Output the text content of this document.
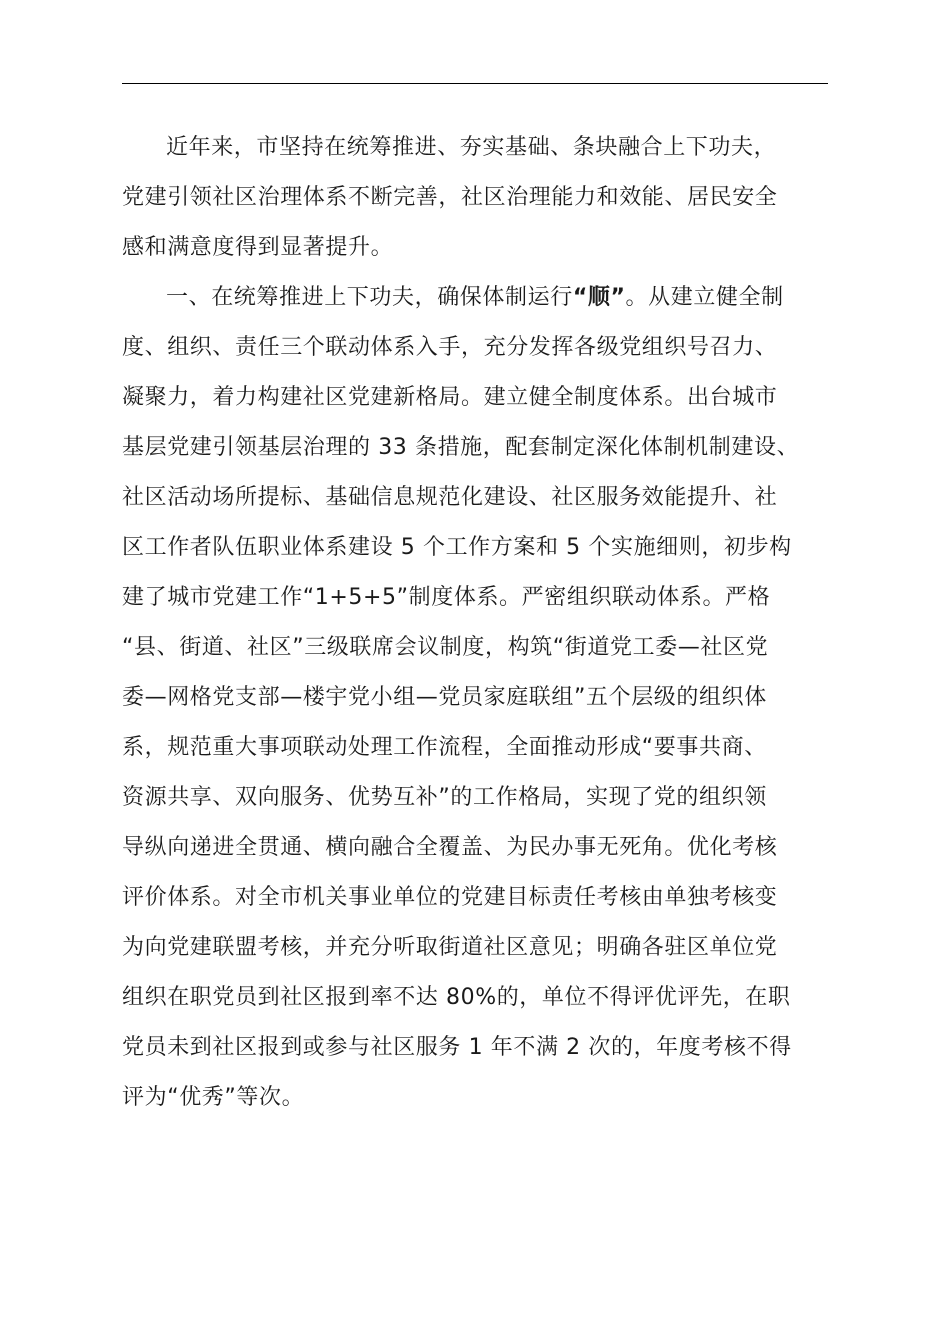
近年来，市坚持在统筹推进、夯实基础、条块融合上下功夫，
党建引领社区治理体系不断完善，社区治理能力和效能、居民安全
感和满意度得到显著提升。
一、在统筹推进上下功夫，确保体制运行“顺”。从建立健全制
度、组织、责任三个联动体系入手，充分发挥各级党组织号召力、
凝聚力，着力构建社区党建新格局。建立健全制度体系。出台城市
基层党建引领基层治理的 33 条措施，配套制定深化体制机制建设、
社区活动场所提标、基础信息规范化建设、社区服务效能提升、社
区工作者队伍职业体系建设 5 个工作方案和 5 个实施细则，初步构
建了城市党建工作“1+5+5”制度体系。严密组织联动体系。严格
“县、街道、社区”三级联席会议制度，构筑“街道党工委—社区党
委—网格党支部—楼宇党小组—党员家庭联组”五个层级的组织体
系，规范重大事项联动处理工作流程，全面推动形成“要事共商、
资源共享、双向服务、优势互补”的工作格局，实现了党的组织领
导纵向递进全贯通、横向融合全覆盖、为民办事无死角。优化考核
评价体系。对全市机关事业单位的党建目标责任考核由单独考核变
为向党建联盟考核，并充分听取街道社区意见；明确各驻区单位党
组织在职党员到社区报到率不达 80%的，单位不得评优评先，在职
党员未到社区报到或参与社区服务 1 年不满 2 次的，年度考核不得
评为“优秀”等次。
